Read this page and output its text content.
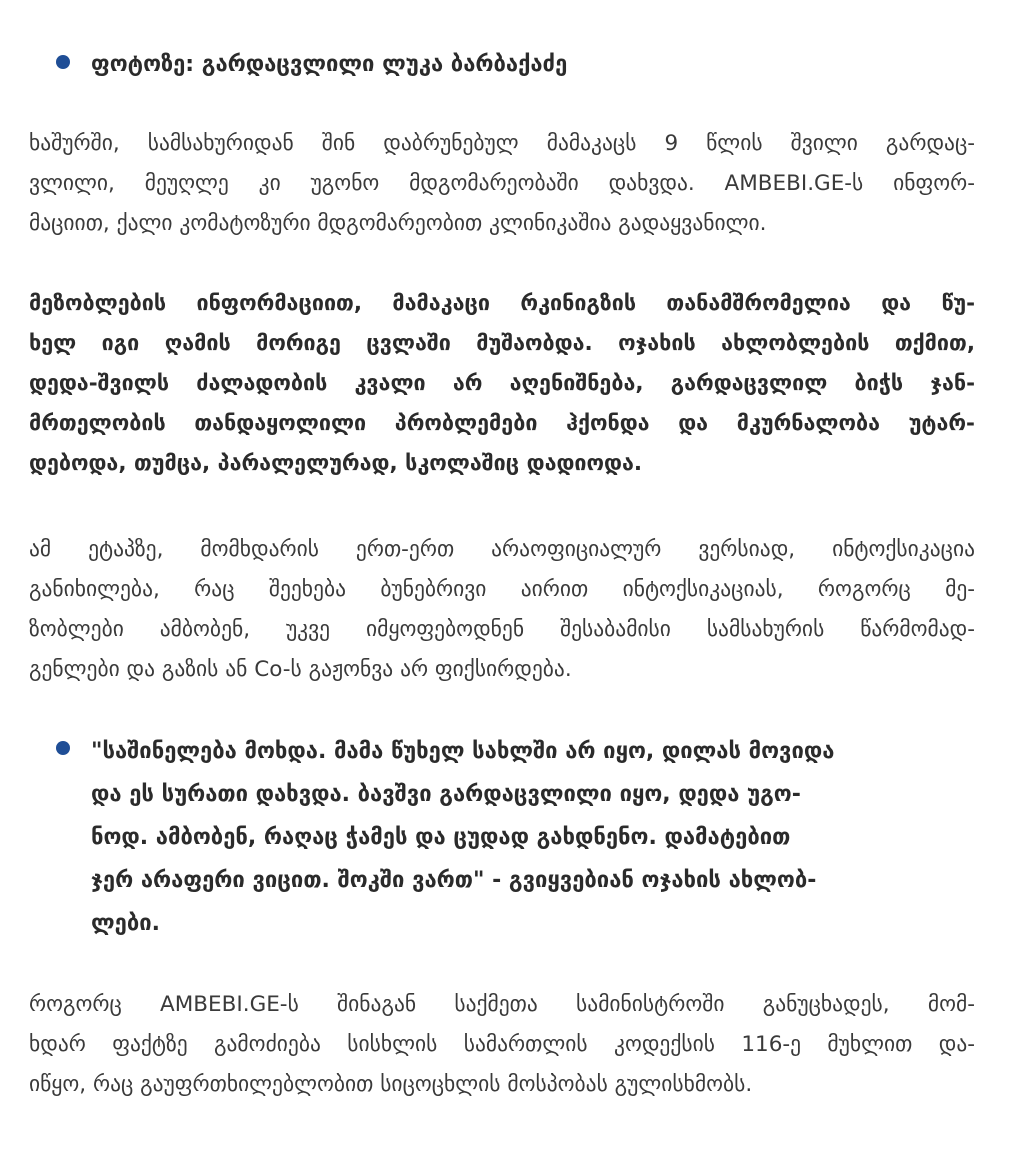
ფოტოზე: გარდაცვლილი ლუკა ბარბაქაძე

ხაშურში, სამსახურიდან შინ დაბრუნებულ მამაკაცს 9 წლის შვილი გარდაც-
ვლილი, მეუღლე კი უგონო მდგომარეობაში დახვდა. AMBEBI.GE-ს ინფორ-
მაციით, ქალი კომატოზური მდგომარეობით კლინიკაშია გადაყვანილი.

მეზობლების ინფორმაციით, მამაკაცი რკინიგზის თანამშრომელია და წუ-
ხელ იგი ღამის მორიგე ცვლაში მუშაობდა. ოჯახის ახლობლების თქმით,
დედა-შვილს ძალადობის კვალი არ აღენიშნება, გარდაცვლილ ბიჭს ჯან-
მრთელობის თანდაყოლილი პრობლემები ჰქონდა და მკურნალობა უტარ-
დებოდა, თუმცა, პარალელურად, სკოლაშიც დადიოდა.

ამ ეტაპზე, მომხდარის ერთ-ერთ არაოფიციალურ ვერსიად, ინტოქსიკაცია
განიხილება, რაც შეეხება ბუნებრივი აირით ინტოქსიკაციას, როგორც მე-
ზობლები ამბობენ, უკვე იმყოფებოდნენ შესაბამისი სამსახურის წარმომად-
გენლები და გაზის ან Co-ს გაჟონვა არ ფიქსირდება.

"საშინელება მოხდა. მამა წუხელ სახლში არ იყო, დილას მოვიდა
და ეს სურათი დახვდა. ბავშვი გარდაცვლილი იყო, დედა უგო-
ნოდ. ამბობენ, რაღაც ჭამეს და ცუდად გახდნენო. დამატებით
ჯერ არაფერი ვიცით. შოკში ვართ" - გვიყვებიან ოჯახის ახლობ-
ლები.

როგორც AMBEBI.GE-ს შინაგან საქმეთა სამინისტროში განუცხადეს, მომ-
ხდარ ფაქტზე გამოძიება სისხლის სამართლის კოდექსის 116-ე მუხლით და-
იწყო, რაც გაუფრთხილებლობით სიცოცხლის მოსპობას გულისხმობს.
